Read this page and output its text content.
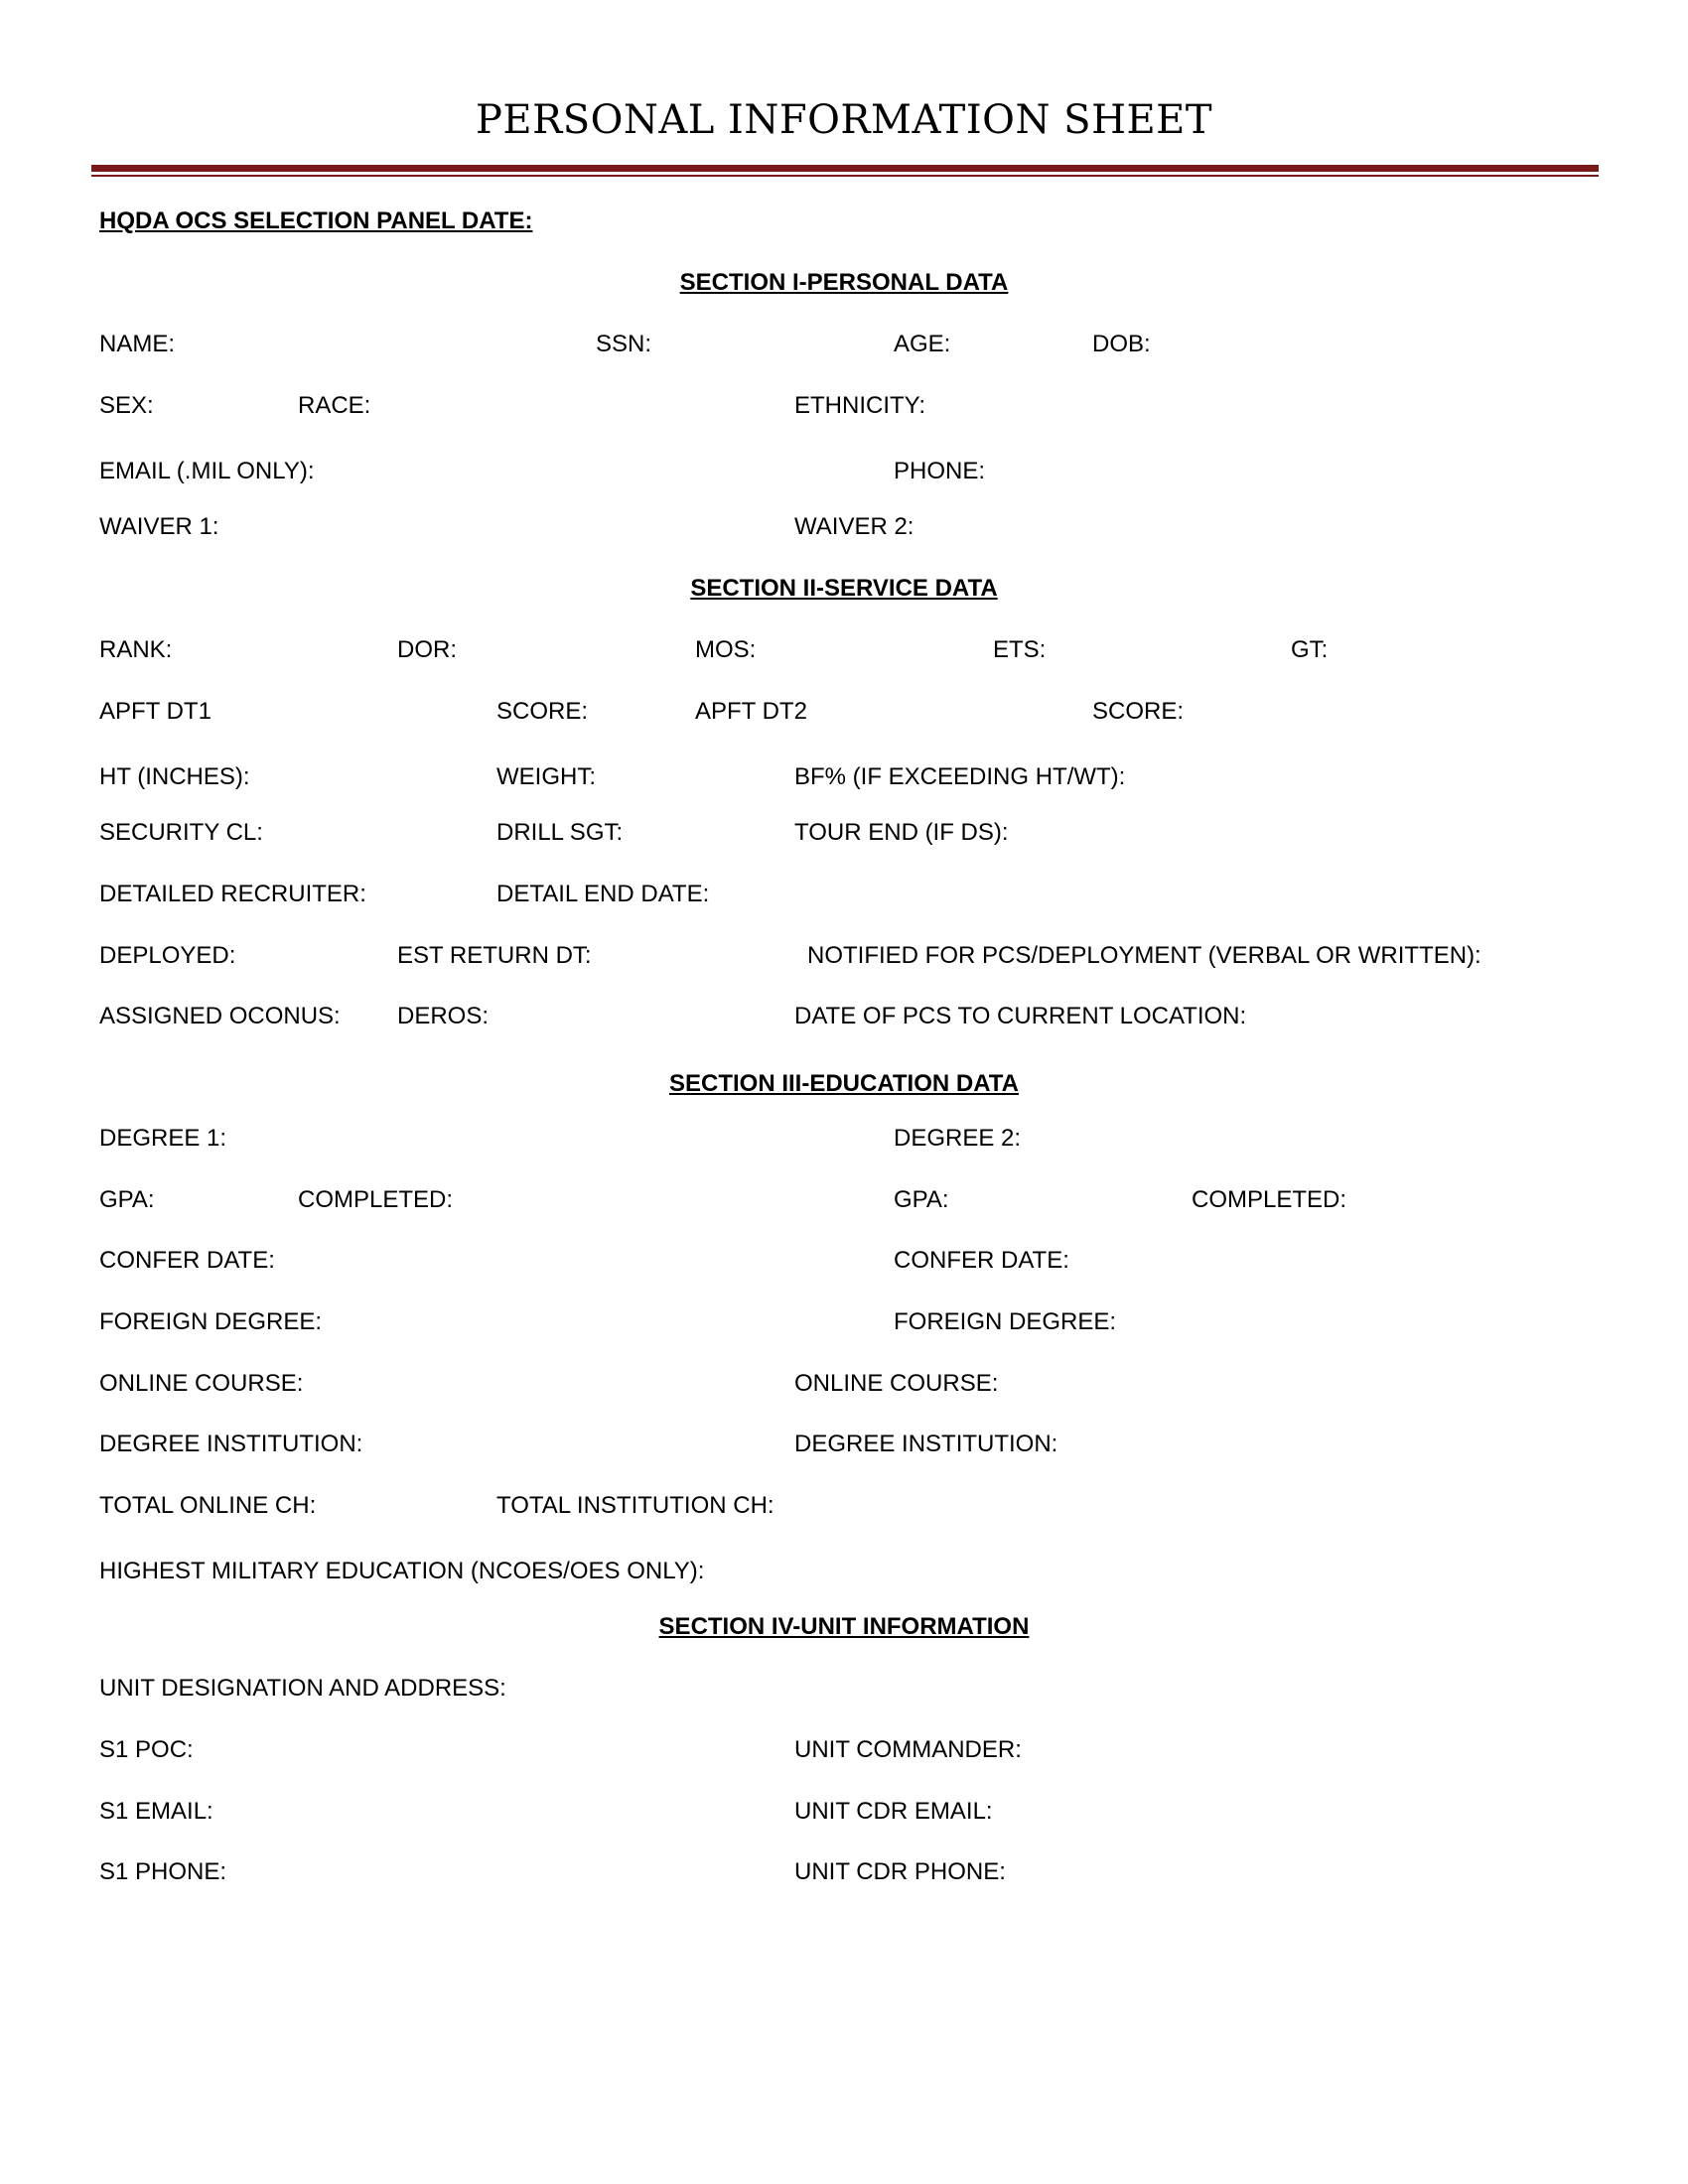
PERSONAL INFORMATION SHEET
HQDA OCS SELECTION PANEL DATE:
SECTION I-PERSONAL DATA
NAME:	SSN:	AGE:	DOB:
SEX:	RACE:	ETHNICITY:
EMAIL (.MIL ONLY):	PHONE:
WAIVER 1:	WAIVER 2:
SECTION II-SERVICE DATA
RANK:	DOR:	MOS:	ETS:	GT:
APFT DT1	SCORE:	APFT DT2	SCORE:
HT (INCHES):	WEIGHT:	BF% (IF EXCEEDING HT/WT):
SECURITY CL:	DRILL SGT:	TOUR END (IF DS):
DETAILED RECRUITER:	DETAIL END DATE:
DEPLOYED:	EST RETURN DT:	NOTIFIED FOR PCS/DEPLOYMENT (VERBAL OR WRITTEN):
ASSIGNED OCONUS: DEROS:	DATE OF PCS TO CURRENT LOCATION:
SECTION III-EDUCATION DATA
DEGREE 1:	DEGREE 2:
GPA:	COMPLETED:	GPA:	COMPLETED:
CONFER DATE:	CONFER DATE:
FOREIGN DEGREE:	FOREIGN DEGREE:
ONLINE COURSE:	ONLINE COURSE:
DEGREE INSTITUTION:	DEGREE INSTITUTION:
TOTAL ONLINE CH:	TOTAL INSTITUTION CH:
HIGHEST MILITARY EDUCATION (NCOES/OES ONLY):
SECTION IV-UNIT INFORMATION
UNIT DESIGNATION AND ADDRESS:
S1 POC:	UNIT COMMANDER:
S1 EMAIL:	UNIT CDR EMAIL:
S1 PHONE:	UNIT CDR PHONE:
